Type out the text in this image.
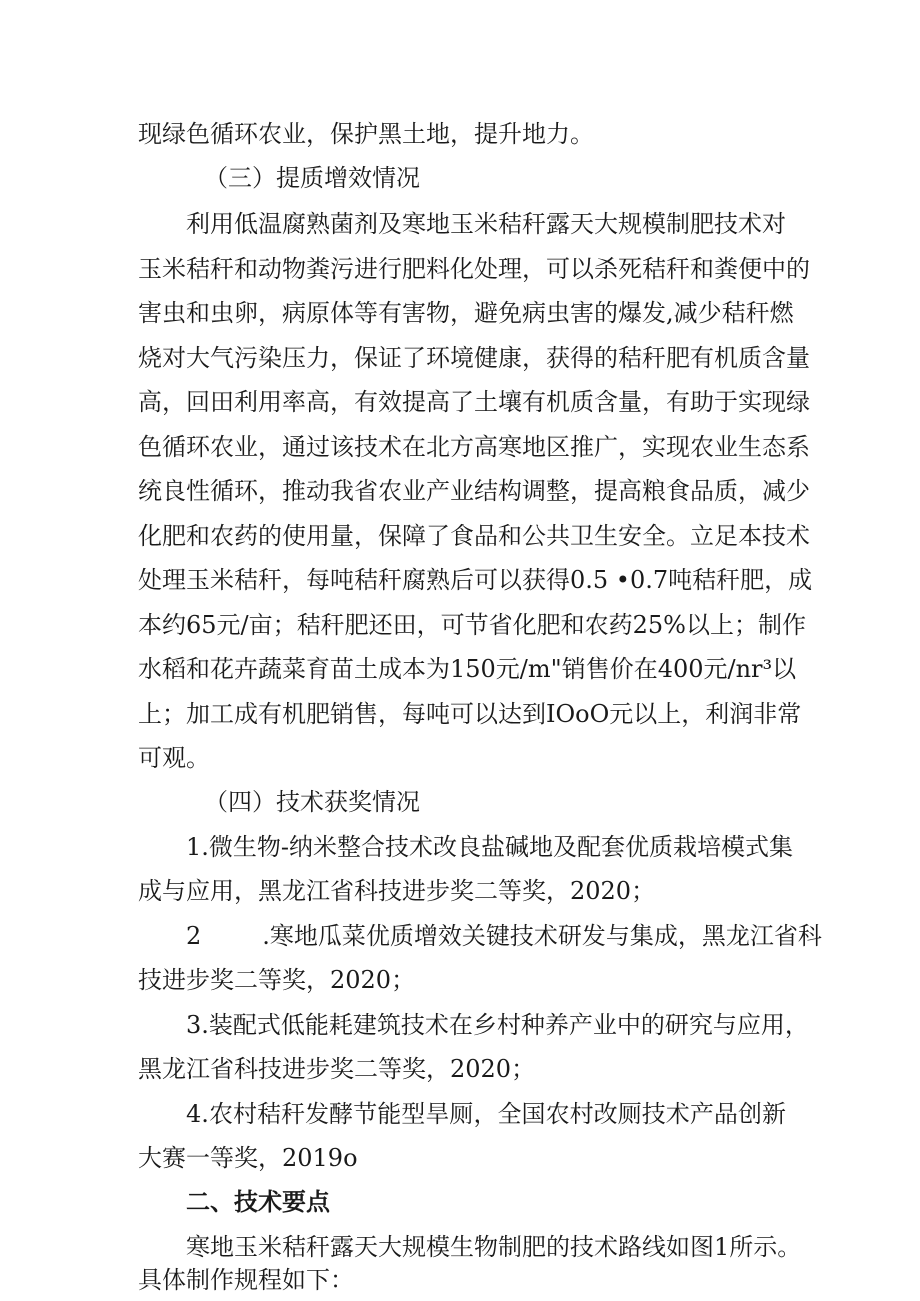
现绿色循环农业，保护黑土地，提升地力。
（三）提质增效情况
利用低温腐熟菌剂及寒地玉米秸秆露天大规模制肥技术对
玉米秸秆和动物粪污进行肥料化处理，可以杀死秸秆和粪便中的
害虫和虫卵，病原体等有害物，避免病虫害的爆发,减少秸秆燃
烧对大气污染压力，保证了环境健康，获得的秸秆肥有机质含量
高，回田利用率高，有效提高了土壤有机质含量，有助于实现绿
色循环农业，通过该技术在北方高寒地区推广，实现农业生态系
统良性循环，推动我省农业产业结构调整，提高粮食品质，减少
化肥和农药的使用量，保障了食品和公共卫生安全。立足本技术
处理玉米秸秆，每吨秸秆腐熟后可以获得0.5 •0.7吨秸秆肥，成
本约65元/亩；秸秆肥还田，可节省化肥和农药25%以上；制作
水稻和花卉蔬菜育苗土成本为150元/m"销售价在400元/nr³以
上；加工成有机肥销售，每吨可以达到IOoO元以上，利润非常
可观。
（四）技术获奖情况
1.微生物-纳米整合技术改良盐碱地及配套优质栽培模式集
成与应用，黑龙江省科技进步奖二等奖，2020；
2        .寒地瓜菜优质增效关键技术研发与集成，黑龙江省科
技进步奖二等奖，2020；
3.装配式低能耗建筑技术在乡村种养产业中的研究与应用，
黑龙江省科技进步奖二等奖，2020；
4.农村秸秆发酵节能型旱厕，全国农村改厕技术产品创新
大赛一等奖，2019o
二、技术要点
寒地玉米秸秆露天大规模生物制肥的技术路线如图1所示。
具体制作规程如下：
